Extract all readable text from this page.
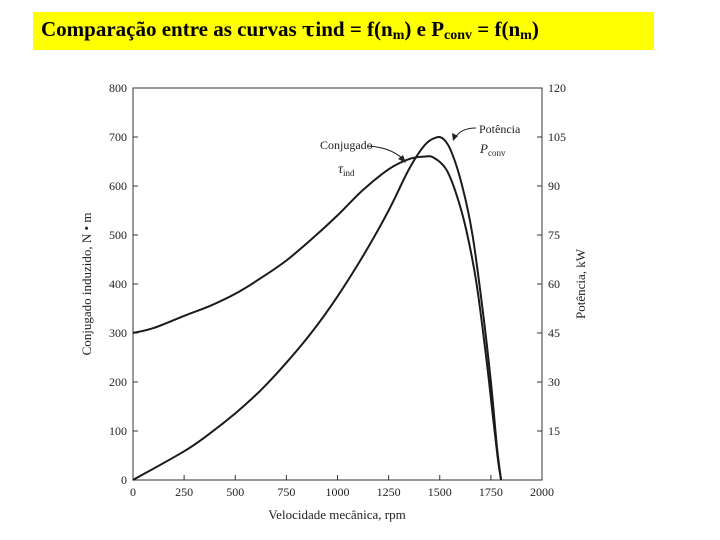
Comparação entre as curvas $\tau ind = f(n_m)$ e $P_{conv} = f(n_m)$
0	250	500	750	1000 1250 1500 1750 2000
0
100
200
300
400
500
600
700
800
15
30
45
60
75
90
105
120
Velocidade mecânica, rpm
Conjugado induzido, N • m	Potência, kW
Conjugado
$\tau_{ind}$
Potência
$P_{conv}$
